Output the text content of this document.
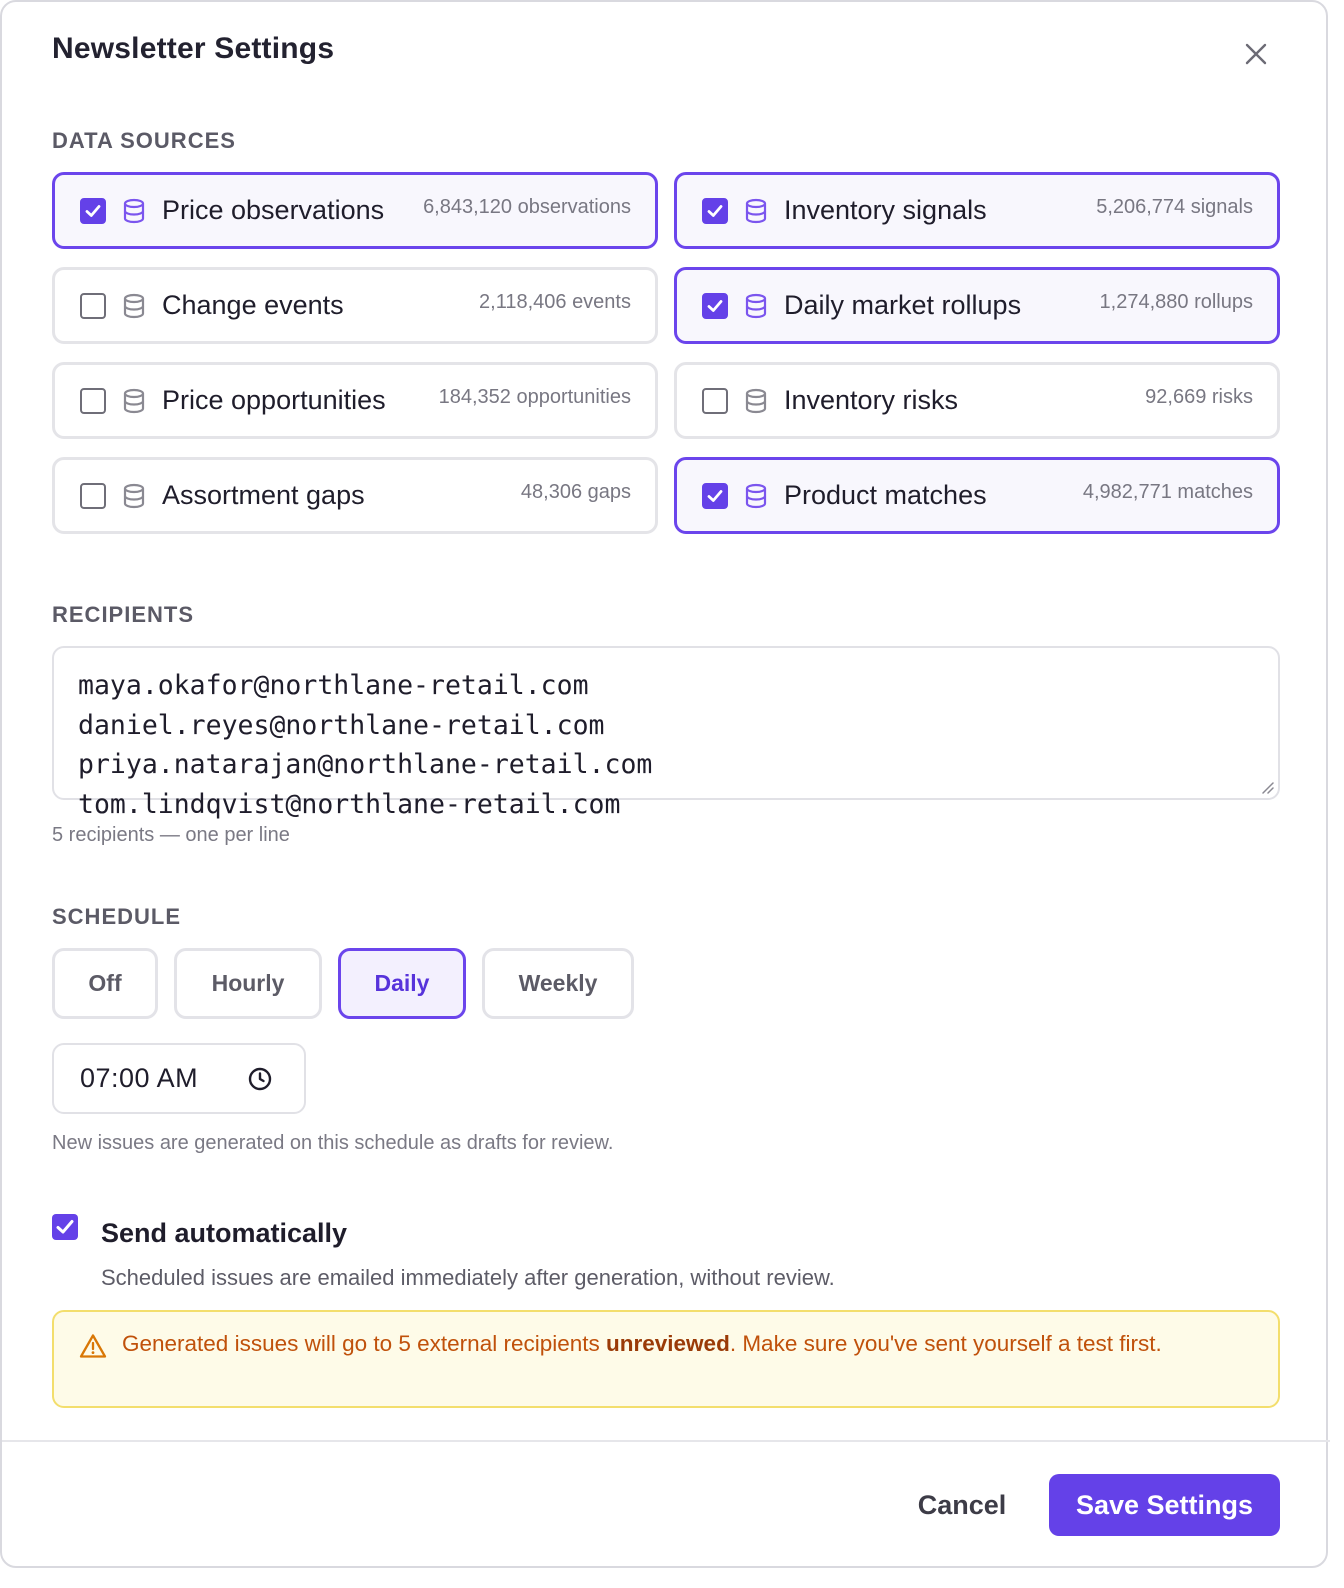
Newsletter Settings
DATA SOURCES
Price observations	6,843,120 observations	Inventory signals	5,206,774 signals
Change events	2,118,406 events	Daily market rollups	1,274,880 rollups
Price opportunities	184,352 opportunities	Inventory risks	92,669 risks
Assortment gaps	48,306 gaps	Product matches	4,982,771 matches
RECIPIENTS
maya.okafor@northlane-retail.com
daniel.reyes@northlane-retail.com
priya.natarajan@northlane-retail.com
tom.lindqvist@northlane-retail.com
5 recipients — one per line
SCHEDULE
Off	Hourly	Daily	Weekly
07:00 AM
New issues are generated on this schedule as drafts for review.
Send automatically
Scheduled issues are emailed immediately after generation, without review.
Generated issues will go to 5 external recipients unreviewed. Make sure you've sent yourself a test first.
Cancel	Save Settings
